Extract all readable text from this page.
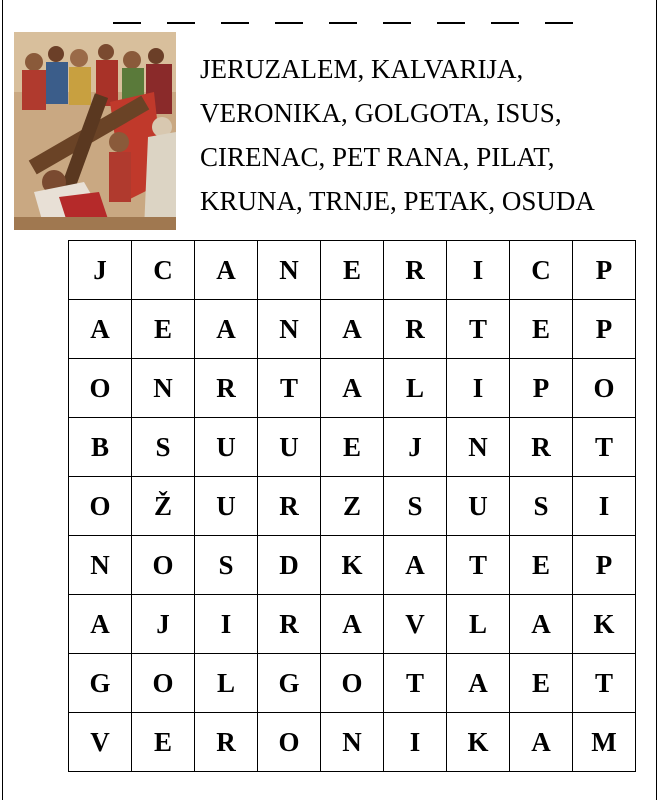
JERUZALEM, KALVARIJA,
VERONIKA, GOLGOTA, ISUS,
CIRENAC, PET RANA, PILAT,
KRUNA, TRNJE, PETAK, OSUDA
J	C	A	N	E	R	I	C	P
A	E	A	N	A	R	T	E	P
O	N	R	T	A	L	I	P	O
B	S	U	U	E	J	N	R	T
O	Ž	U	R	Z	S	U	S	I
N	O	S	D	K	A	T	E	P
A	J	I	R	A	V	L	A	K
G	O	L	G	O	T	A	E	T
V	E	R	O	N	I	K	A	M
